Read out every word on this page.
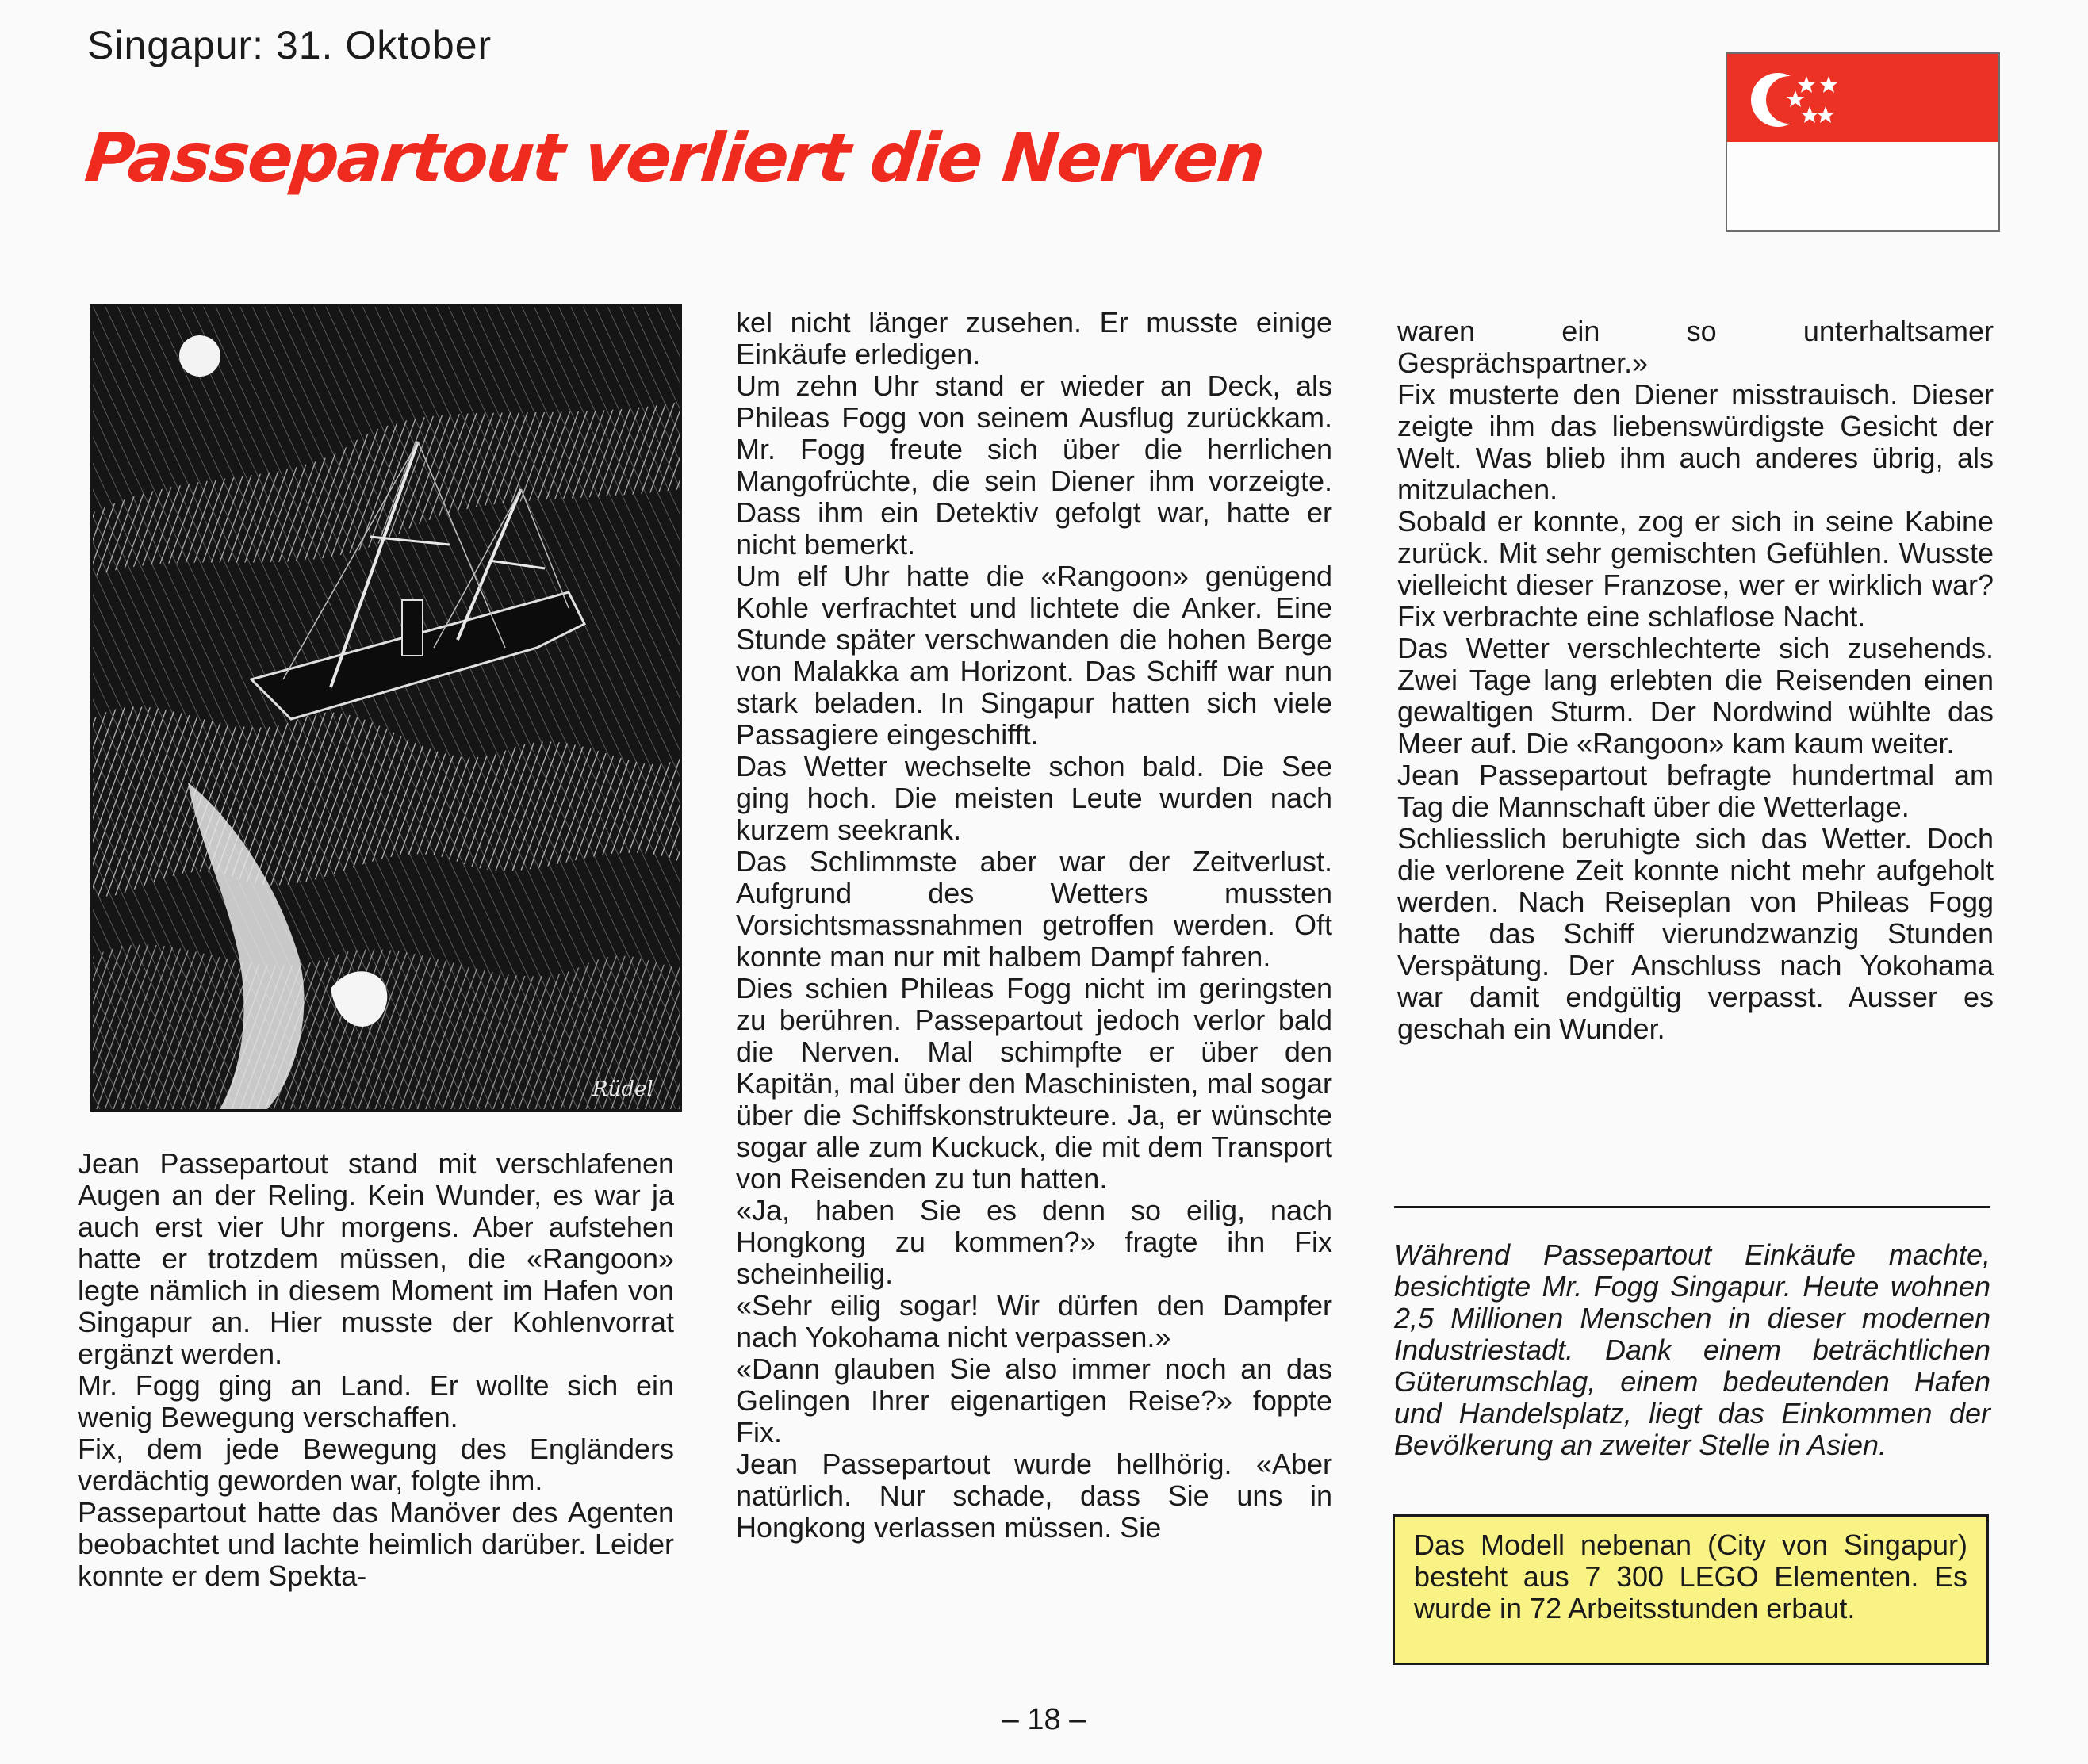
Singapur: 31. Oktober
Passepartout verliert die Nerven
Rüdel

Jean Passepartout stand mit verschlafenen Augen an der Reling. Kein Wunder, es war ja auch erst vier Uhr morgens. Aber aufstehen hatte er trotzdem müssen, die «Rangoon» legte nämlich in diesem Moment im Hafen von Singapur an. Hier musste der Kohlenvorrat ergänzt werden.

Mr. Fogg ging an Land. Er wollte sich ein wenig Bewegung verschaffen.

Fix, dem jede Bewegung des Engländers verdächtig geworden war, folgte ihm.

Passepartout hatte das Manöver des Agenten beobachtet und lachte heimlich darüber. Leider konnte er dem Spekta-

kel nicht länger zusehen. Er musste einige Einkäufe erledigen.

Um zehn Uhr stand er wieder an Deck, als Phileas Fogg von seinem Ausflug zurückkam. Mr. Fogg freute sich über die herrlichen Mangofrüchte, die sein Diener ihm vorzeigte. Dass ihm ein Detektiv gefolgt war, hatte er nicht bemerkt.

Um elf Uhr hatte die «Rangoon» genügend Kohle verfrachtet und lichtete die Anker. Eine Stunde später verschwanden die hohen Berge von Malakka am Horizont. Das Schiff war nun stark beladen. In Singapur hatten sich viele Passagiere eingeschifft.

Das Wetter wechselte schon bald. Die See ging hoch. Die meisten Leute wurden nach kurzem seekrank.

Das Schlimmste aber war der Zeitverlust. Aufgrund des Wetters mussten Vorsichtsmassnahmen getroffen werden. Oft konnte man nur mit halbem Dampf fahren.

Dies schien Phileas Fogg nicht im geringsten zu berühren. Passepartout jedoch verlor bald die Nerven. Mal schimpfte er über den Kapitän, mal über den Maschinisten, mal sogar über die Schiffskonstrukteure. Ja, er wünschte sogar alle zum Kuckuck, die mit dem Transport von Reisenden zu tun hatten.

«Ja, haben Sie es denn so eilig, nach Hongkong zu kommen?» fragte ihn Fix scheinheilig.

«Sehr eilig sogar! Wir dürfen den Dampfer nach Yokohama nicht verpassen.»

«Dann glauben Sie also immer noch an das Gelingen Ihrer eigenartigen Reise?» foppte Fix.

Jean Passepartout wurde hellhörig. «Aber natürlich. Nur schade, dass Sie uns in Hongkong verlassen müssen. Sie

waren ein so unterhaltsamer Gesprächspartner.»

Fix musterte den Diener misstrauisch. Dieser zeigte ihm das liebenswürdigste Gesicht der Welt. Was blieb ihm auch anderes übrig, als mitzulachen.

Sobald er konnte, zog er sich in seine Kabine zurück. Mit sehr gemischten Gefühlen. Wusste vielleicht dieser Franzose, wer er wirklich war? Fix verbrachte eine schlaflose Nacht.

Das Wetter verschlechterte sich zusehends. Zwei Tage lang erlebten die Reisenden einen gewaltigen Sturm. Der Nordwind wühlte das Meer auf. Die «Rangoon» kam kaum weiter.

Jean Passepartout befragte hundertmal am Tag die Mannschaft über die Wetterlage.

Schliesslich beruhigte sich das Wetter. Doch die verlorene Zeit konnte nicht mehr aufgeholt werden. Nach Reiseplan von Phileas Fogg hatte das Schiff vierundzwanzig Stunden Verspätung. Der Anschluss nach Yokohama war damit endgültig verpasst. Ausser es geschah ein Wunder.

Während Passepartout Einkäufe machte, besichtigte Mr. Fogg Singapur. Heute wohnen 2,5 Millionen Menschen in dieser modernen Industriestadt. Dank einem beträchtlichen Güterumschlag, einem bedeutenden Hafen und Handelsplatz, liegt das Einkommen der Bevölkerung an zweiter Stelle in Asien.
Das Modell nebenan (City von Singapur) besteht aus 7 300 LEGO Elementen. Es wurde in 72 Arbeitsstunden erbaut.
– 18 –
